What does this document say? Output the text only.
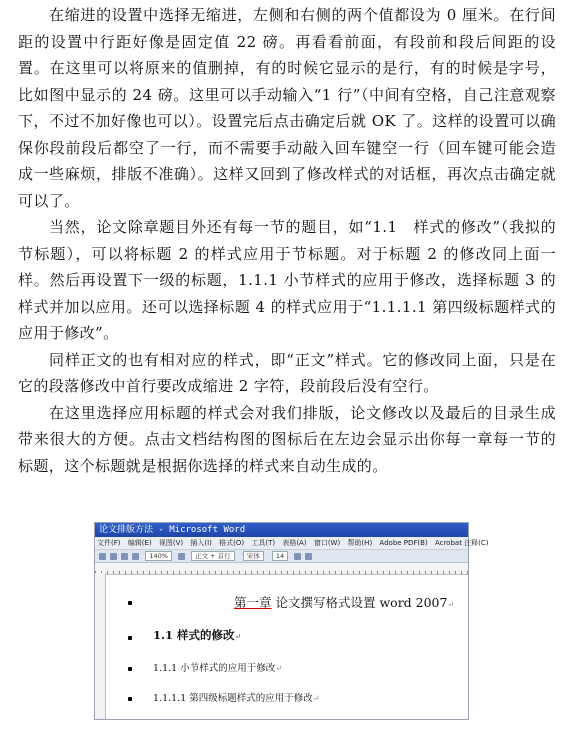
在缩进的设置中选择无缩进，左侧和右侧的两个值都设为 0 厘米。在行间距的设置中行距好像是固定值 22 磅。再看看前面，有段前和段后间距的设置。在这里可以将原来的值删掉，有的时候它显示的是行，有的时候是字号，比如图中显示的 24 磅。这里可以手动输入“1 行”（中间有空格，自己注意观察下，不过不加好像也可以）。设置完后点击确定后就 OK 了。这样的设置可以确保你段前段后都空了一行，而不需要手动敲入回车键空一行（回车键可能会造成一些麻烦，排版不准确）。这样又回到了修改样式的对话框，再次点击确定就可以了。

当然，论文除章题目外还有每一节的题目，如“1.1　样式的修改”（我拟的节标题），可以将标题 2 的样式应用于节标题。对于标题 2 的修改同上面一样。然后再设置下一级的标题，1.1.1 小节样式的应用于修改，选择标题 3 的样式并加以应用。还可以选择标题 4 的样式应用于“1.1.1.1 第四级标题样式的应用于修改”。

同样正文的也有相对应的样式，即“正文”样式。它的修改同上面，只是在它的段落修改中首行要改成缩进 2 字符，段前段后没有空行。

在这里选择应用标题的样式会对我们排版，论文修改以及最后的目录生成带来很大的方便。点击文档结构图的图标后在左边会显示出你每一章每一节的标题，这个标题就是根据你选择的样式来自动生成的。

论文排版方法 - Microsoft Word
文件(F) 编辑(E) 视图(V) 插入(I) 格式(O) 工具(T) 表格(A) 窗口(W) 帮助(H) Adobe PDF(B) Acrobat 注释(C)
140%	正文 + 首行 宋体 14
第一章 论文撰写格式设置 word 2007↵
1.1 样式的修改↵
1.1.1 小节样式的应用于修改↵
1.1.1.1 第四级标题样式的应用于修改↵
